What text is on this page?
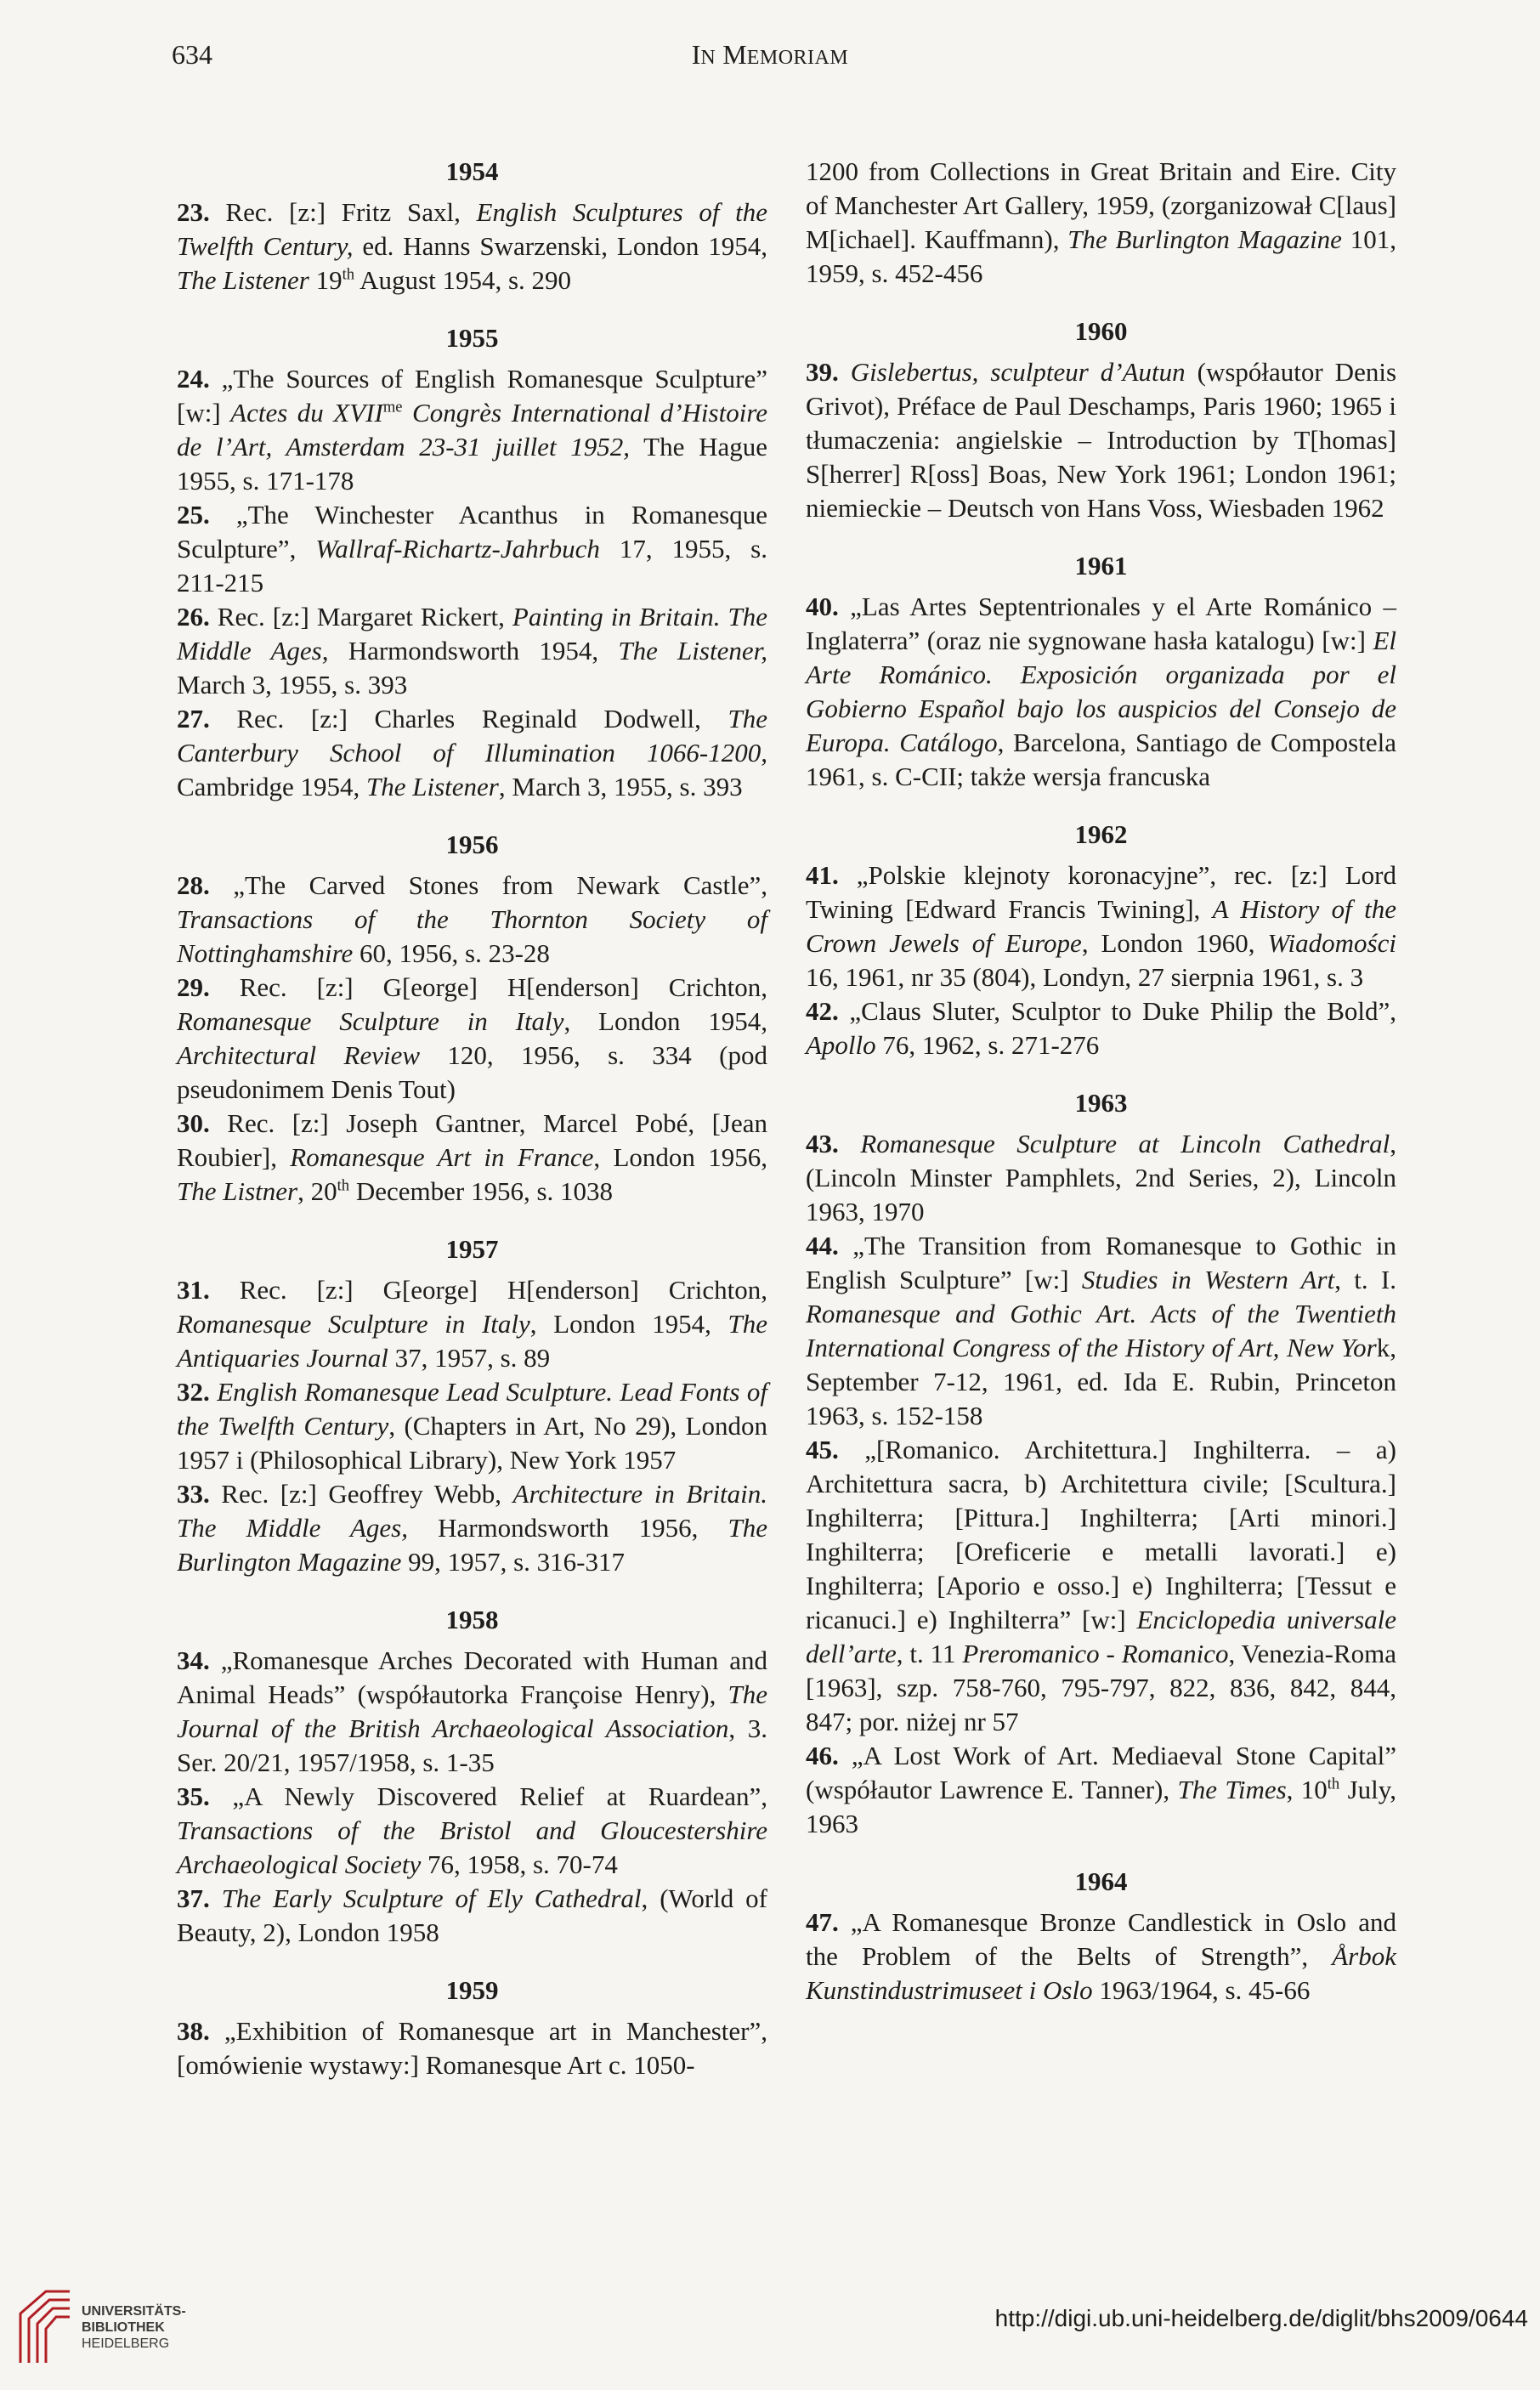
634	IN MEMORIAM
1954

23. Rec. [z:] Fritz Saxl, English Sculptures of the Twelfth Century, ed. Hanns Swarzenski, London 1954, The Listener 19th August 1954, s. 290

1955

24. „The Sources of English Romanesque Sculpture” [w:] Actes du $XVII^{me}$ Congrès International d’Histoire de l’Art, Amsterdam 23-31 juillet 1952, The Hague 1955, s. 171-178

25. „The Winchester Acanthus in Romanesque Sculpture”, Wallraf-Richartz-Jahrbuch 17, 1955, s. 211-215

26. Rec. [z:] Margaret Rickert, Painting in Britain. The Middle Ages, Harmondsworth 1954, The Listener, March 3, 1955, s. 393

27. Rec. [z:] Charles Reginald Dodwell, The Canterbury School of Illumination 1066-1200, Cambridge 1954, The Listener, March 3, 1955, s. 393

1956

28. „The Carved Stones from Newark Castle”, Transactions of the Thornton Society of Nottinghamshire 60, 1956, s. 23-28

29. Rec. [z:] G[eorge] H[enderson] Crichton, Romanesque Sculpture in Italy, London 1954, Architectural Review 120, 1956, s. 334 (pod pseudonimem Denis Tout)

30. Rec. [z:] Joseph Gantner, Marcel Pobé, [Jean Roubier], Romanesque Art in France, London 1956, The Listner, 20th December 1956, s. 1038

1957

31. Rec. [z:] G[eorge] H[enderson] Crichton, Romanesque Sculpture in Italy, London 1954, The Antiquaries Journal 37, 1957, s. 89

32. English Romanesque Lead Sculpture. Lead Fonts of the Twelfth Century, (Chapters in Art, No 29), London 1957 i (Philosophical Library), New York 1957

33. Rec. [z:] Geoffrey Webb, Architecture in Britain. The Middle Ages, Harmondsworth 1956, The Burlington Magazine 99, 1957, s. 316-317

1958

34. „Romanesque Arches Decorated with Human and Animal Heads” (współautorka Françoise Henry), The Journal of the British Archaeological Association, 3. Ser. 20/21, 1957/1958, s. 1-35

35. „A Newly Discovered Relief at Ruardean”, Transactions of the Bristol and Gloucestershire Archaeological Society 76, 1958, s. 70-74

37. The Early Sculpture of Ely Cathedral, (World of Beauty, 2), London 1958

1959

38. „Exhibition of Romanesque art in Manchester”, [omówienie wystawy:] Romanesque Art c. 1050-

1200 from Collections in Great Britain and Eire. City of Manchester Art Gallery, 1959, (zorganizował C[laus] M[ichael]. Kauffmann), The Burlington Magazine 101, 1959, s. 452-456

1960

39. Gislebertus, sculpteur d’Autun (współautor Denis Grivot), Préface de Paul Deschamps, Paris 1960; 1965 i tłumaczenia: angielskie – Introduction by T[homas] S[herrer] R[oss] Boas, New York 1961; London 1961; niemieckie – Deutsch von Hans Voss, Wiesbaden 1962

1961

40. „Las Artes Septentrionales y el Arte Románico – Inglaterra” (oraz nie sygnowane hasła katalogu) [w:] El Arte Románico. Exposición organizada por el Gobierno Español bajo los auspicios del Consejo de Europa. Catálogo, Barcelona, Santiago de Compostela 1961, s. C-CII; także wersja francuska

1962

41. „Polskie klejnoty koronacyjne”, rec. [z:] Lord Twining [Edward Francis Twining], A History of the Crown Jewels of Europe, London 1960, Wiadomości 16, 1961, nr 35 (804), Londyn, 27 sierpnia 1961, s. 3

42. „Claus Sluter, Sculptor to Duke Philip the Bold”, Apollo 76, 1962, s. 271-276

1963

43. Romanesque Sculpture at Lincoln Cathedral, (Lincoln Minster Pamphlets, 2nd Series, 2), Lincoln 1963, 1970

44. „The Transition from Romanesque to Gothic in English Sculpture” [w:] Studies in Western Art, t. I. Romanesque and Gothic Art. Acts of the Twentieth International Congress of the History of Art, New York, September 7-12, 1961, ed. Ida E. Rubin, Princeton 1963, s. 152-158

45. „[Romanico. Architettura.] Inghilterra. – a) Architettura sacra, b) Architettura civile; [Scultura.] Inghilterra; [Pittura.] Inghilterra; [Arti minori.] Inghilterra; [Oreficerie e metalli lavorati.] e) Inghilterra; [Aporio e osso.] e) Inghilterra; [Tessut e ricanuci.] e) Inghilterra” [w:] Enciclopedia universale dell’arte, t. 11 Preromanico - Romanico, Venezia-Roma [1963], szp. 758-760, 795-797, 822, 836, 842, 844, 847; por. niżej nr 57

46. „A Lost Work of Art. Mediaeval Stone Capital” (współautor Lawrence E. Tanner), The Times, 10th July, 1963

1964

47. „A Romanesque Bronze Candlestick in Oslo and the Problem of the Belts of Strength”, Årbok Kunstindustrimuseet i Oslo 1963/1964, s. 45-66

UNIVERSITÄTS-
BIBLIOTHEK
HEIDELBERG
http://digi.ub.uni-heidelberg.de/diglit/bhs2009/0644
